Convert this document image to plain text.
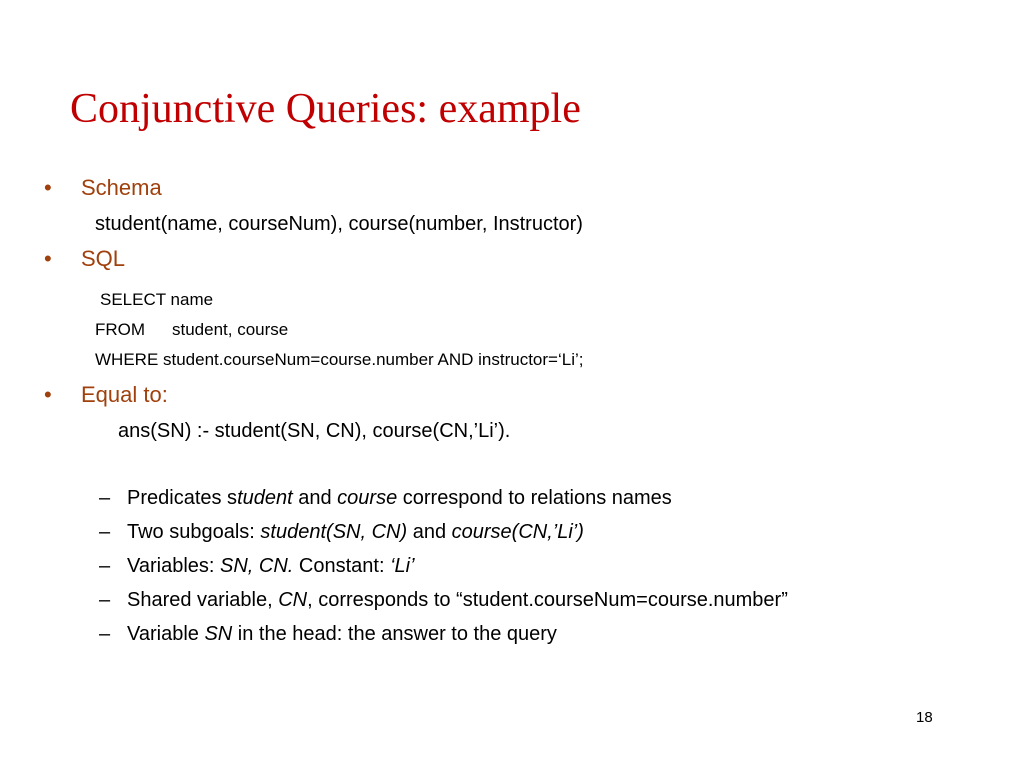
Conjunctive Queries: example
• Schema
student(name, courseNum), course(number, Instructor)
• SQL
SELECT name
FROM student, course
WHERE student.courseNum=course.number AND instructor=‘Li’;
• Equal to:
ans(SN) :- student(SN, CN), course(CN,’Li’).
– Predicates student and course correspond to relations names
– Two subgoals: student(SN, CN) and course(CN,’Li’)
– Variables: SN, CN. Constant: ‘Li’
– Shared variable, CN, corresponds to “student.courseNum=course.number”
– Variable SN in the head: the answer to the query
18
